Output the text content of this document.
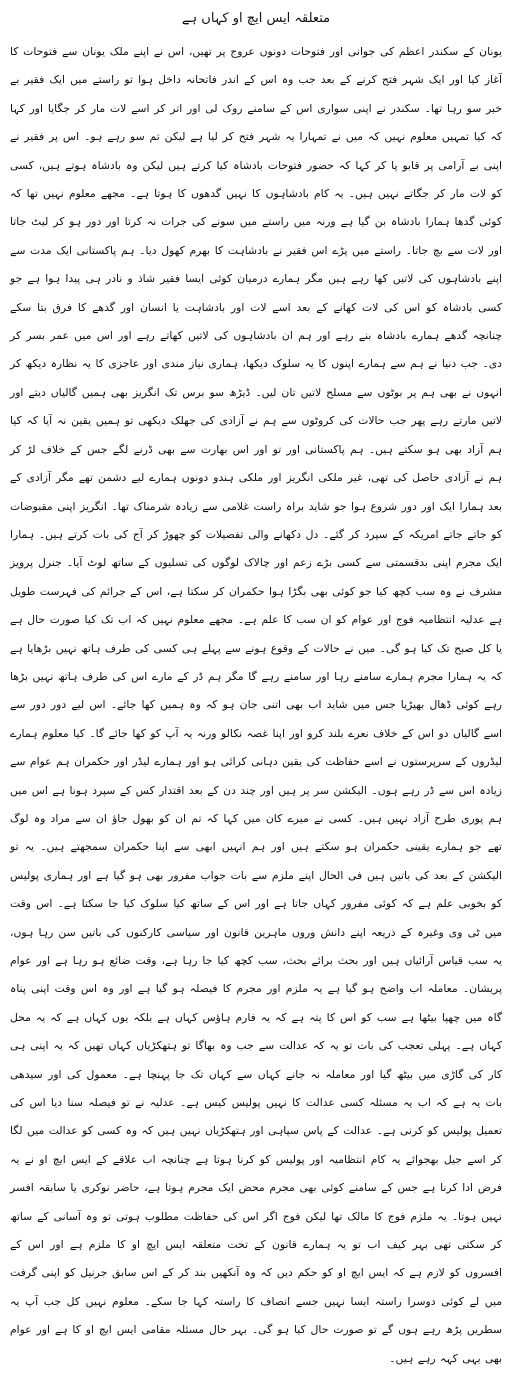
متعلقہ ایس ایچ او کہاں ہے

یونان کے سکندر اعظم کی جوانی اور فتوحات دونوں عروج پر تھیں، اس نے اپنے ملک یونان سے فتوحات کا آغاز کیا اور ایک شہر فتح کرنے کے بعد جب وہ اس کے اندر فاتحانہ داخل ہوا تو راستے میں ایک فقیر بے خبر سو رہا تھا۔ سکندر نے اپنی سواری اس کے سامنے روک لی اور اتر کر اسے لات مار کر جگایا اور کہا کہ کیا تمہیں معلوم نہیں کہ میں نے تمہارا یہ شہر فتح کر لیا ہے لیکن تم سو رہے ہو۔ اس پر فقیر نے اپنی بے آرامی پر قابو پا کر کہا کہ حضور فتوحات بادشاہ کیا کرتے ہیں لیکن وہ بادشاہ ہوتے ہیں، کسی کو لات مار کر جگاتے نہیں ہیں۔ یہ کام بادشاہوں کا نہیں گدھوں کا ہوتا ہے۔ مجھے معلوم نہیں تھا کہ کوئی گدھا ہمارا بادشاہ بن گیا ہے ورنہ میں راستے میں سونے کی جرات نہ کرتا اور دور ہو کر لیٹ جاتا اور لات سے بچ جاتا۔ راستے میں پڑے اس فقیر نے بادشاہت کا بھرم کھول دیا۔ ہم پاکستانی ایک مدت سے اپنے بادشاہوں کی لاتیں کھا رہے ہیں مگر ہمارے درمیان کوئی ایسا فقیر شاذ و نادر ہی پیدا ہوا ہے جو کسی بادشاہ کو اس کی لات کھانے کے بعد اسے لات اور بادشاہت یا انسان اور گدھے کا فرق بتا سکے چنانچہ گدھے ہمارے بادشاہ بنے رہے اور ہم ان بادشاہوں کی لاتیں کھاتے رہے اور اس میں عمر بسر کر دی۔ جب دنیا نے ہم سے ہمارے اپنوں کا یہ سلوک دیکھا، ہماری نیاز مندی اور عاجزی کا یہ نظارہ دیکھ کر انہوں نے بھی ہم پر بوٹوں سے مسلح لاتیں تان لیں۔ ڈیڑھ سو برس تک انگریز بھی ہمیں گالیاں دیتے اور لاتیں مارتے رہے پھر جب حالات کی کروٹوں سے ہم نے آزادی کی جھلک دیکھی تو ہمیں یقین نہ آیا کہ کیا ہم آزاد بھی ہو سکتے ہیں۔ ہم پاکستانی اور تو اور اس بھارت سے بھی ڈرنے لگے جس کے خلاف لڑ کر ہم نے آزادی حاصل کی تھی، غیر ملکی انگریز اور ملکی ہندو دونوں ہمارے لیے دشمن تھے مگر آزادی کے بعد ہمارا ایک اور دور شروع ہوا جو شاید براہ راست غلامی سے زیادہ شرمناک تھا۔ انگریز اپنی مقبوضات کو جاتے جاتے امریکہ کے سپرد کر گئے۔ دل دکھانے والی تفصیلات کو چھوڑ کر آج کی بات کرتے ہیں۔ ہمارا ایک مجرم اپنی بدقسمتی سے کسی بڑے زعم اور چالاک لوگوں کی تسلیوں کے ساتھ لوٹ آیا۔ جنرل پرویز مشرف نے وہ سب کچھ کیا جو کوئی بھی بگڑا ہوا حکمران کر سکتا ہے، اس کے جرائم کی فہرست طویل ہے عدلیہ انتظامیہ فوج اور عوام کو ان سب کا علم ہے۔ مجھے معلوم نہیں کہ اب تک کیا صورت حال ہے یا کل صبح تک کیا ہو گی۔ میں نے حالات کے وقوع ہونے سے پہلے ہی کسی کی طرف ہاتھ نہیں بڑھایا ہے کہ یہ ہمارا مجرم ہمارے سامنے رہا اور سامنے رہے گا مگر ہم ڈر کے مارے اس کی طرف ہاتھ نہیں بڑھا رہے کوئی ڈھال بھیڑیا جس میں شاید اب بھی اتنی جان ہو کہ وہ ہمیں کھا جائے۔ اس لیے دور دور سے اسے گالیاں دو اس کے خلاف نعرے بلند کرو اور اپنا غصہ نکالو ورنہ یہ آپ کو کھا جائے گا۔ کیا معلوم ہمارے لیڈروں کے سرپرستوں نے اسے حفاظت کی یقین دہانی کرائی ہو اور ہمارے لیڈر اور حکمران ہم عوام سے زیادہ اس سے ڈر رہے ہوں۔ الیکشن سر پر ہیں اور چند دن کے بعد اقتدار کس کے سپرد ہونا ہے اس میں ہم پوری طرح آزاد نہیں ہیں۔ کسی نے میرے کان میں کہا کہ تم ان کو بھول جاؤ ان سے مراد وہ لوگ تھے جو ہمارے یقینی حکمران ہو سکتے ہیں اور ہم انہیں ابھی سے اپنا حکمران سمجھتے ہیں۔ یہ تو الیکشن کے بعد کی باتیں ہیں فی الحال اپنے ملزم سے بات جواب مفرور بھی ہو گیا ہے اور ہماری پولیس کو بخوبی علم ہے کہ کوئی مفرور کہاں جاتا ہے اور اس کے ساتھ کیا سلوک کیا جا سکتا ہے۔ اس وقت میں ٹی وی وغیرہ کے ذریعہ اپنے دانش وروں ماہرین قانون اور سیاسی کارکنوں کی باتیں سن رہا ہوں، یہ سب قیاس آرائیاں ہیں اور بحث برائے بحث، سب کچھ کیا جا رہا ہے، وقت ضائع ہو رہا ہے اور عوام پریشان۔ معاملہ اب واضح ہو گیا ہے یہ ملزم اور مجرم کا فیصلہ ہو گیا ہے اور وہ اس وقت اپنی پناہ گاہ میں چھپا بیٹھا ہے سب کو اس کا پتہ ہے کہ یہ فارم ہاؤس کہاں ہے بلکہ یوں کہاں ہے کہ یہ محل کہاں ہے۔ پہلی تعجب کی بات تو یہ کہ عدالت سے جب وہ بھاگا تو ہتھکڑیاں کہاں تھیں کہ یہ اپنی ہی کار کی گاڑی میں بیٹھ گیا اور معاملہ نہ جانے کہاں سے کہاں تک جا پہنچا ہے۔ معمول کی اور سیدھی بات یہ ہے کہ اب یہ مسئلہ کسی عدالت کا نہیں پولیس کیس ہے۔ عدلیہ نے تو فیصلہ سنا دیا اس کی تعمیل پولیس کو کرنی ہے۔ عدالت کے پاس سپاہی اور ہتھکڑیاں نہیں ہیں کہ وہ کسی کو عدالت میں لگا کر اسے جیل بھجوائے یہ کام انتظامیہ اور پولیس کو کرنا ہوتا ہے چنانچہ اب علاقے کے ایس ایچ او نے یہ فرض ادا کرنا ہے جس کے سامنے کوئی بھی مجرم محض ایک مجرم ہوتا ہے، حاضر نوکری یا سابقہ افسر نہیں ہوتا۔ یہ ملزم فوج کا مالک تھا لیکن فوج اگر اس کی حفاظت مطلوب ہوتی تو وہ آسانی کے ساتھ کر سکتی تھی بہر کیف اب تو یہ ہمارے قانون کے تحت متعلقہ ایس ایچ او کا ملزم ہے اور اس کے افسروں کو لازم ہے کہ ایس ایچ او کو حکم دیں کہ وہ آنکھیں بند کر کے اس سابق جرنیل کو اپنی گرفت میں لے کوئی دوسرا راستہ ایسا نہیں جسے انصاف کا راستہ کہا جا سکے۔ معلوم نہیں کل جب آپ یہ سطریں پڑھ رہے ہوں گے تو صورت حال کیا ہو گی۔ بہر حال مسئلہ مقامی ایس ایچ او کا ہے اور عوام بھی یہی کہہ رہے ہیں۔
